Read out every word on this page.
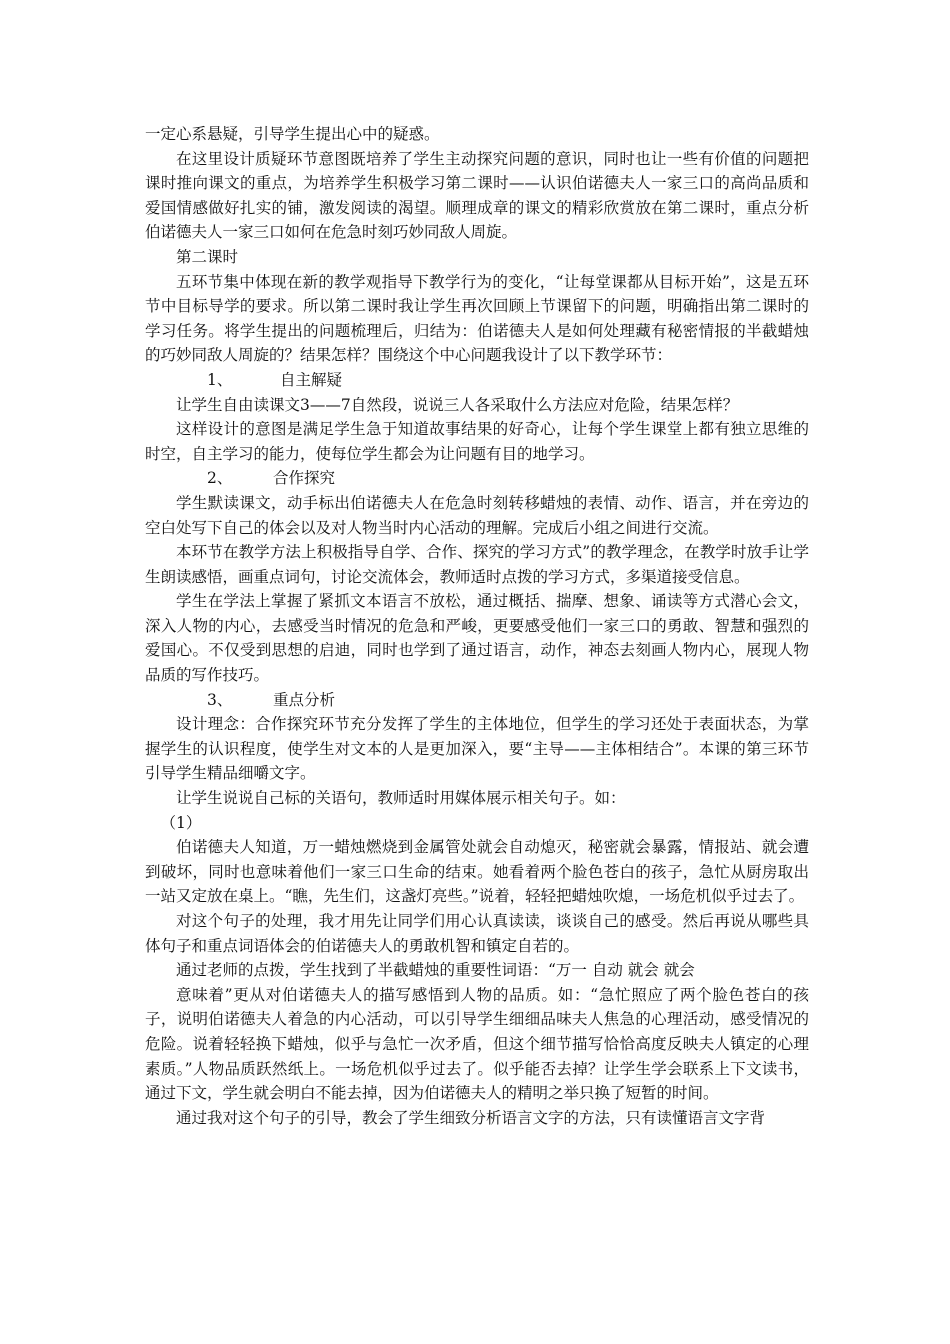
一定心系悬疑，引导学生提出心中的疑惑。

在这里设计质疑环节意图既培养了学生主动探究问题的意识，同时也让一些有价值的问题把课时推向课文的重点，为培养学生积极学习第二课时——认识伯诺德夫人一家三口的高尚品质和爱国情感做好扎实的铺，激发阅读的渴望。顺理成章的课文的精彩欣赏放在第二课时，重点分析伯诺德夫人一家三口如何在危急时刻巧妙同敌人周旋。

第二课时

五环节集中体现在新的教学观指导下教学行为的变化，“让每堂课都从目标开始”，这是五环节中目标导学的要求。所以第二课时我让学生再次回顾上节课留下的问题，明确指出第二课时的学习任务。将学生提出的问题梳理后，归结为：伯诺德夫人是如何处理藏有秘密情报的半截蜡烛的巧妙同敌人周旋的？结果怎样？围绕这个中心问题我设计了以下教学环节：

1、	自主解疑

让学生自由读课文3——7自然段，说说三人各采取什么方法应对危险，结果怎样？

这样设计的意图是满足学生急于知道故事结果的好奇心，让每个学生课堂上都有独立思维的时空，自主学习的能力，使每位学生都会为让问题有目的地学习。

2、	合作探究

学生默读课文，动手标出伯诺德夫人在危急时刻转移蜡烛的表情、动作、语言，并在旁边的空白处写下自己的体会以及对人物当时内心活动的理解。完成后小组之间进行交流。

本环节在教学方法上积极指导自学、合作、探究的学习方式”的教学理念，在教学时放手让学生朗读感悟，画重点词句，讨论交流体会，教师适时点拨的学习方式，多渠道接受信息。

学生在学法上掌握了紧抓文本语言不放松，通过概括、揣摩、想象、诵读等方式潜心会文，深入人物的内心，去感受当时情况的危急和严峻，更要感受他们一家三口的勇敢、智慧和强烈的爱国心。不仅受到思想的启迪，同时也学到了通过语言，动作，神态去刻画人物内心，展现人物品质的写作技巧。

3、	重点分析

设计理念：合作探究环节充分发挥了学生的主体地位，但学生的学习还处于表面状态，为掌握学生的认识程度，使学生对文本的人是更加深入，要“主导——主体相结合”。本课的第三环节引导学生精品细嚼文字。

让学生说说自己标的关语句，教师适时用媒体展示相关句子。如：

（1）

伯诺德夫人知道，万一蜡烛燃烧到金属管处就会自动熄灭，秘密就会暴露，情报站、就会遭到破坏，同时也意味着他们一家三口生命的结束。她看着两个脸色苍白的孩子，急忙从厨房取出一站又定放在桌上。“瞧，先生们，这盏灯亮些。”说着，轻轻把蜡烛吹熄，一场危机似乎过去了。

对这个句子的处理，我才用先让同学们用心认真读读，谈谈自己的感受。然后再说从哪些具体句子和重点词语体会的伯诺德夫人的勇敢机智和镇定自若的。

通过老师的点拨，学生找到了半截蜡烛的重要性词语：“万一 自动 就会 就会

意味着”更从对伯诺德夫人的描写感悟到人物的品质。如：“急忙照应了两个脸色苍白的孩子，说明伯诺德夫人着急的内心活动，可以引导学生细细品味夫人焦急的心理活动，感受情况的危险。说着轻轻换下蜡烛，似乎与急忙一次矛盾，但这个细节描写恰恰高度反映夫人镇定的心理素质。”人物品质跃然纸上。一场危机似乎过去了。似乎能否去掉？让学生学会联系上下文读书，通过下文，学生就会明白不能去掉，因为伯诺德夫人的精明之举只换了短暂的时间。

通过我对这个句子的引导，教会了学生细致分析语言文字的方法，只有读懂语言文字背
